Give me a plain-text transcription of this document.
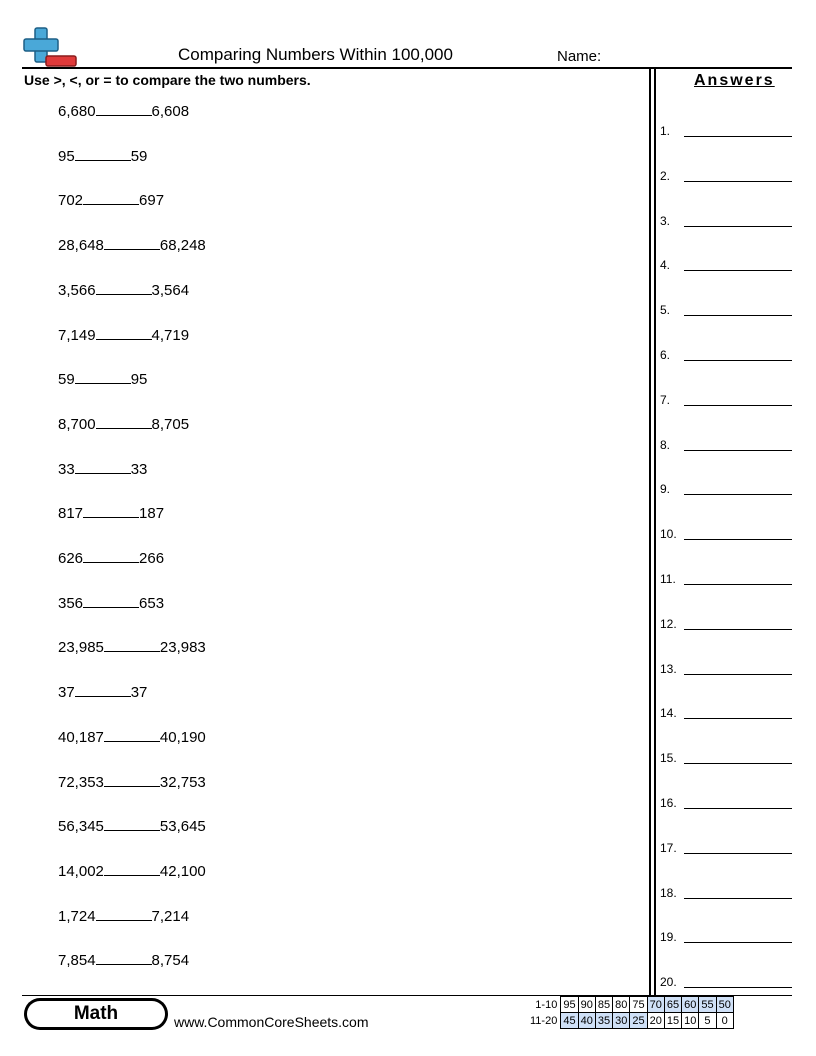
Comparing Numbers Within 100,000	Name:
Use >, <, or = to compare the two numbers.	Answers
6,680	6,608
95	59
702	697
28,648	68,248
3,566	3,564
7,149	4,719
59	95
8,700	8,705
33	33
817	187
626	266
356	653
23,985	23,983
37	37
40,187	40,190
72,353	32,753
56,345	53,645
14,002	42,100
1,724	7,214
7,854	8,754
1.
2.
3.
4.
5.
6.
7.
8.
9.
10.
11.
12.
13.
14.
15.
16.
17.
18.
19.
20.
Math	www.CommonCoreSheets.com
1-10	95	90	85	80	75	70	65	60	55	50
11-20	45	40	35	30	25	20	15	10	5	0
